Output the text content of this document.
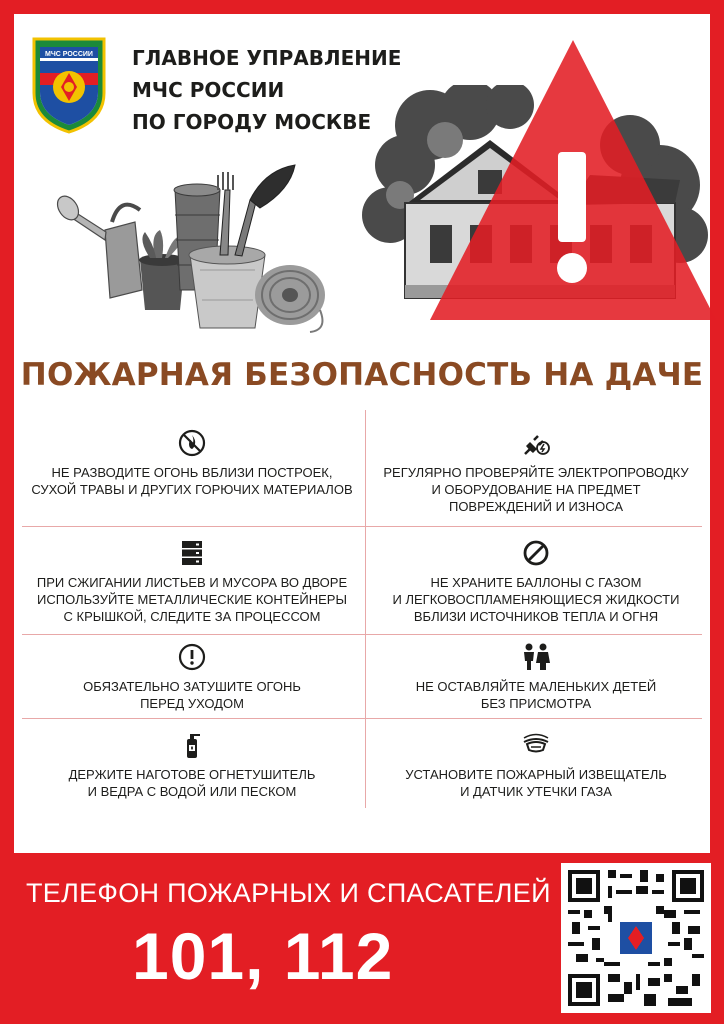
МЧС РОССИИ ГЛАВНОЕ УПРАВЛЕНИЕ
МЧС РОССИИ
ПО ГОРОДУ МОСКВЕ
ПОЖАРНАЯ БЕЗОПАСНОСТЬ НА ДАЧЕ
НЕ РАЗВОДИТЕ ОГОНЬ ВБЛИЗИ ПОСТРОЕК,
СУХОЙ ТРАВЫ И ДРУГИХ ГОРЮЧИХ МАТЕРИАЛОВ
РЕГУЛЯРНО ПРОВЕРЯЙТЕ ЭЛЕКТРОПРОВОДКУ
И ОБОРУДОВАНИЕ НА ПРЕДМЕТ
ПОВРЕЖДЕНИЙ И ИЗНОСА
ПРИ СЖИГАНИИ ЛИСТЬЕВ И МУСОРА ВО ДВОРЕ
ИСПОЛЬЗУЙТЕ МЕТАЛЛИЧЕСКИЕ КОНТЕЙНЕРЫ
С КРЫШКОЙ, СЛЕДИТЕ ЗА ПРОЦЕССОМ
НЕ ХРАНИТЕ БАЛЛОНЫ С ГАЗОМ
И ЛЕГКОВОСПЛАМЕНЯЮЩИЕСЯ ЖИДКОСТИ
ВБЛИЗИ ИСТОЧНИКОВ ТЕПЛА И ОГНЯ
ОБЯЗАТЕЛЬНО ЗАТУШИТЕ ОГОНЬ
ПЕРЕД УХОДОМ
НЕ ОСТАВЛЯЙТЕ МАЛЕНЬКИХ ДЕТЕЙ
БЕЗ ПРИСМОТРА
ДЕРЖИТЕ НАГОТОВЕ ОГНЕТУШИТЕЛЬ
И ВЕДРА С ВОДОЙ ИЛИ ПЕСКОМ
УСТАНОВИТЕ ПОЖАРНЫЙ ИЗВЕЩАТЕЛЬ
И ДАТЧИК УТЕЧКИ ГАЗА
ТЕЛЕФОН ПОЖАРНЫХ И СПАСАТЕЛЕЙ
101, 112
